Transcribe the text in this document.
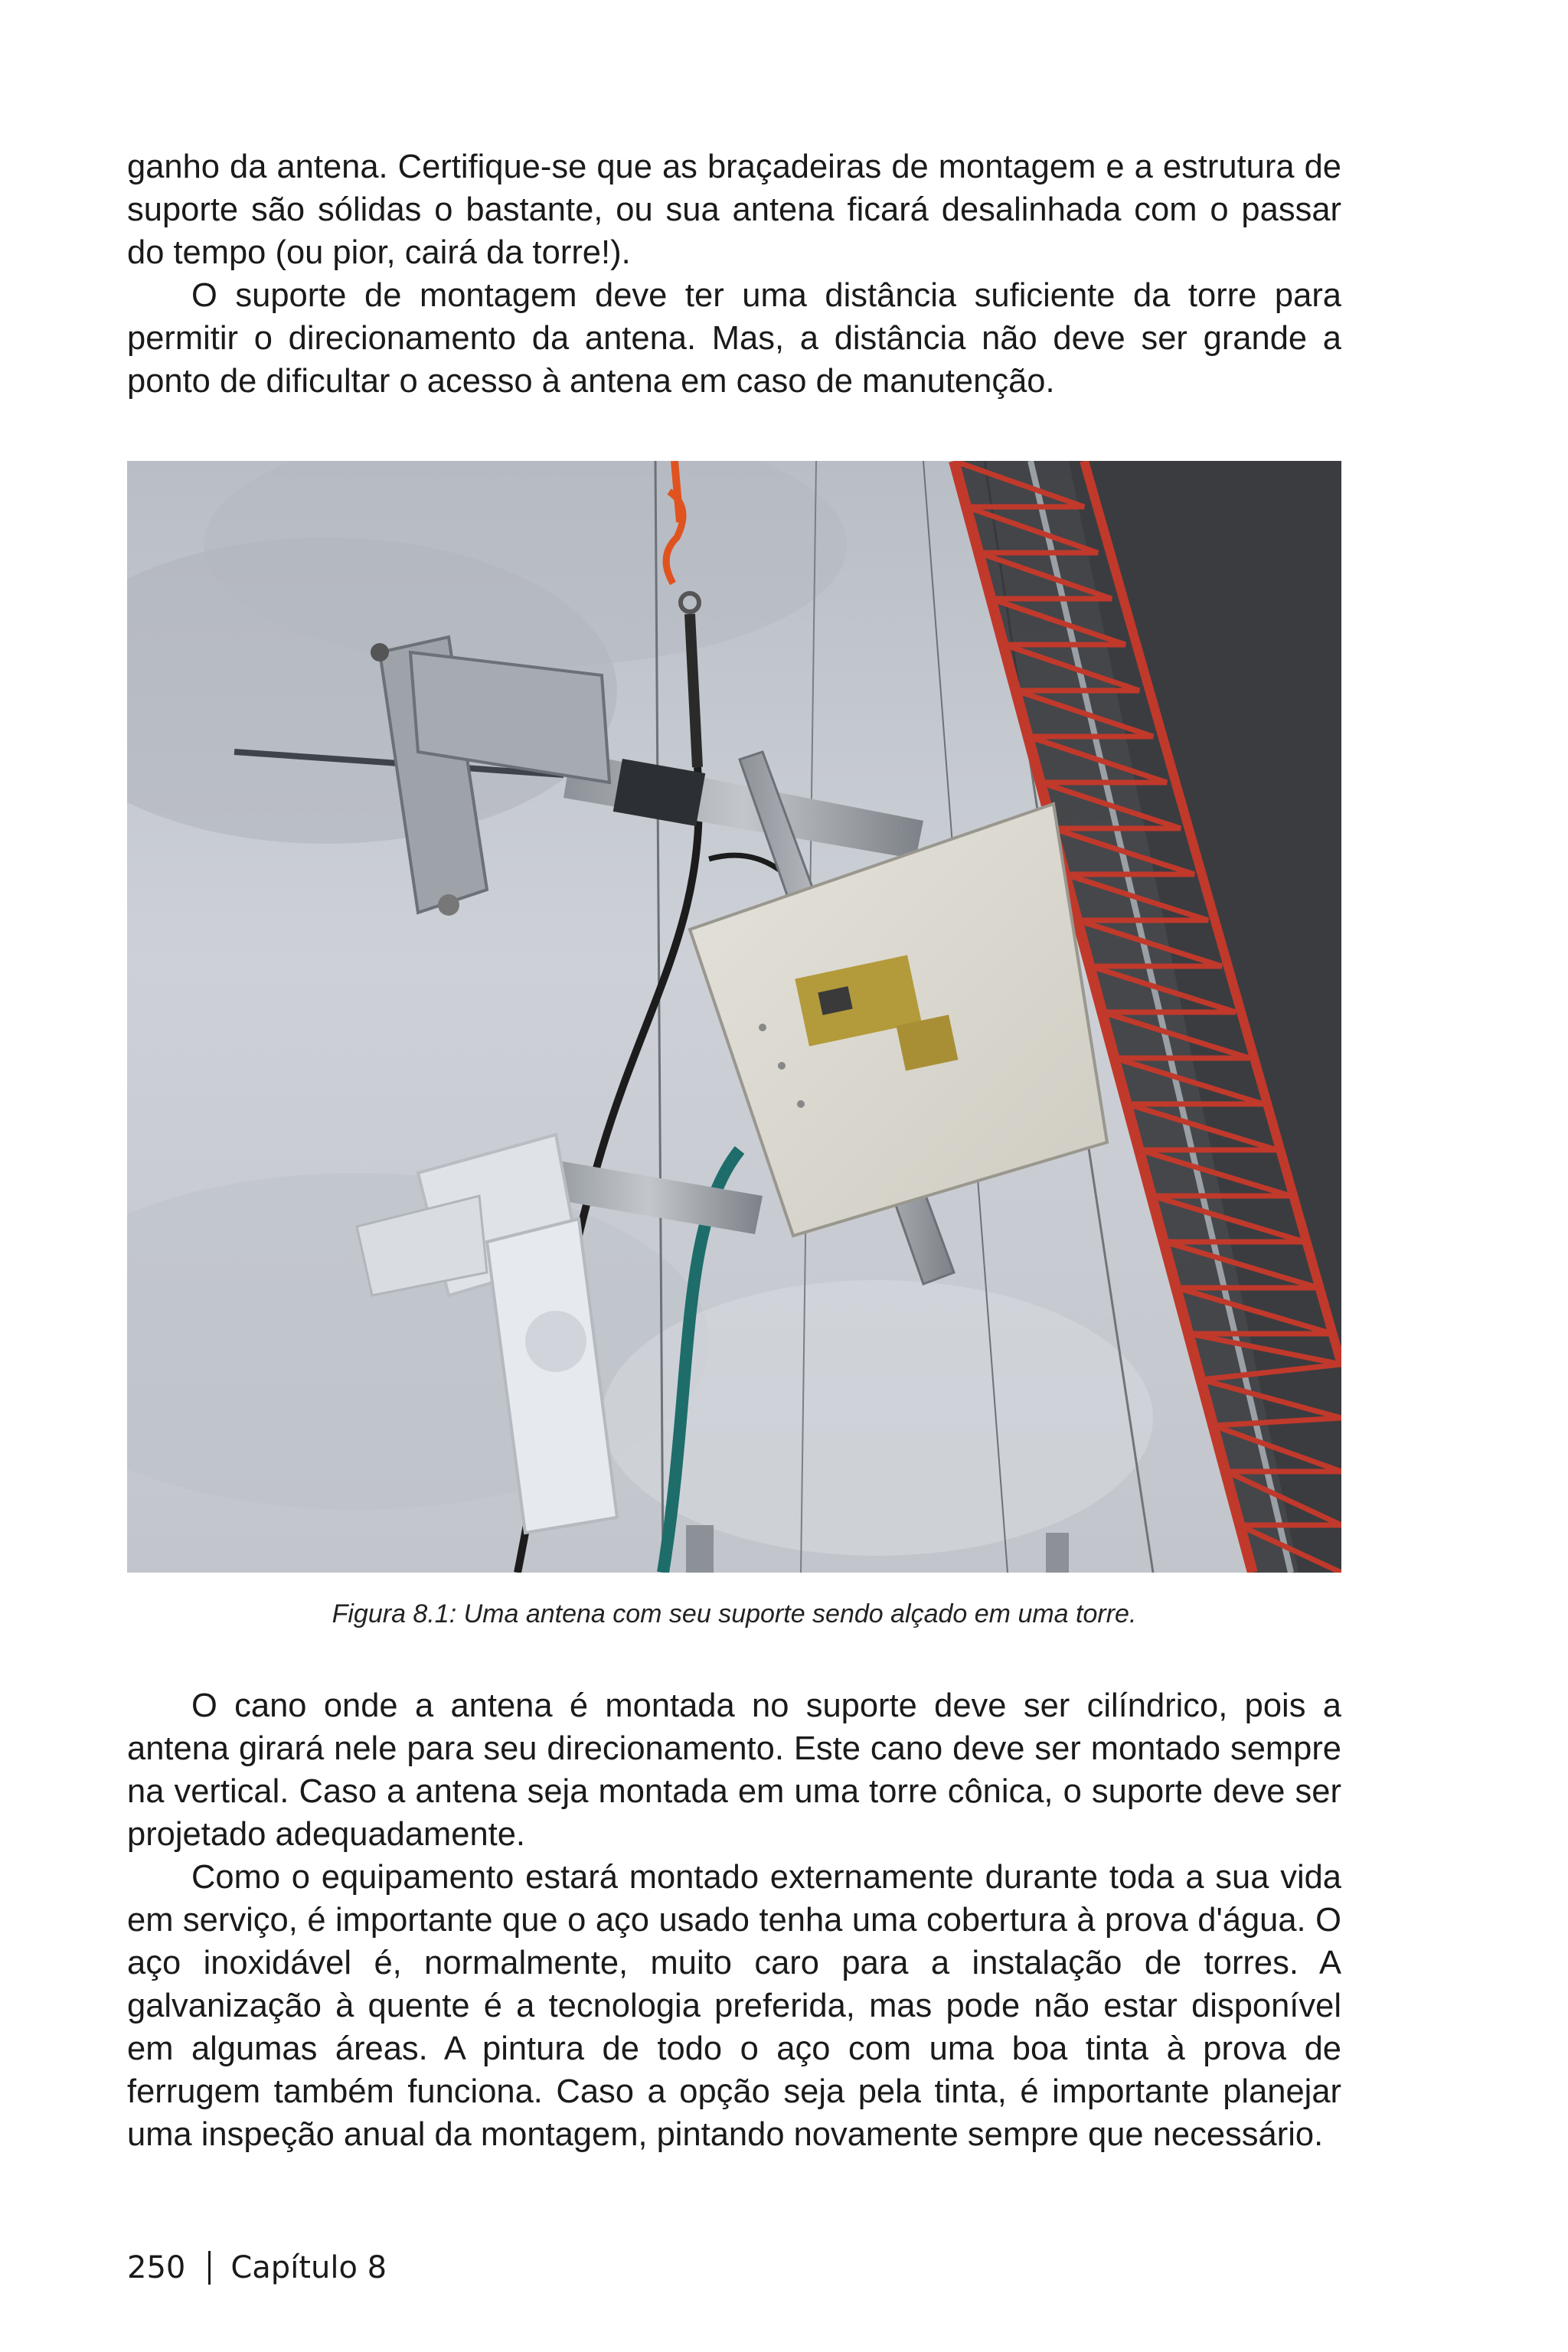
ganho da antena. Certifique-se que as braçadeiras de montagem e a estrutura de suporte são sólidas o bastante, ou sua antena ficará desalinhada com o passar do tempo (ou pior, cairá da torre!).

O suporte de montagem deve ter uma distância suficiente da torre para permitir o direcionamento da antena. Mas, a distância não deve ser grande a ponto de dificultar o acesso à antena em caso de manutenção.

Figura 8.1: Uma antena com seu suporte sendo alçado em uma torre.

O cano onde a antena é montada no suporte deve ser cilíndrico, pois a antena girará nele para seu direcionamento. Este cano deve ser montado sempre na vertical. Caso a antena seja montada em uma torre cônica, o suporte deve ser projetado adequadamente.

Como o equipamento estará montado externamente durante toda a sua vida em serviço, é importante que o aço usado tenha uma cobertura à prova d'água. O aço inoxidável é, normalmente, muito caro para a instalação de torres. A galvanização à quente é a tecnologia preferida, mas pode não estar disponível em algumas áreas. A pintura de todo o aço com uma boa tinta à prova de ferrugem também funciona. Caso a opção seja pela tinta, é importante planejar uma inspeção anual da montagem, pintando novamente sempre que necessário.

250 Capítulo 8
